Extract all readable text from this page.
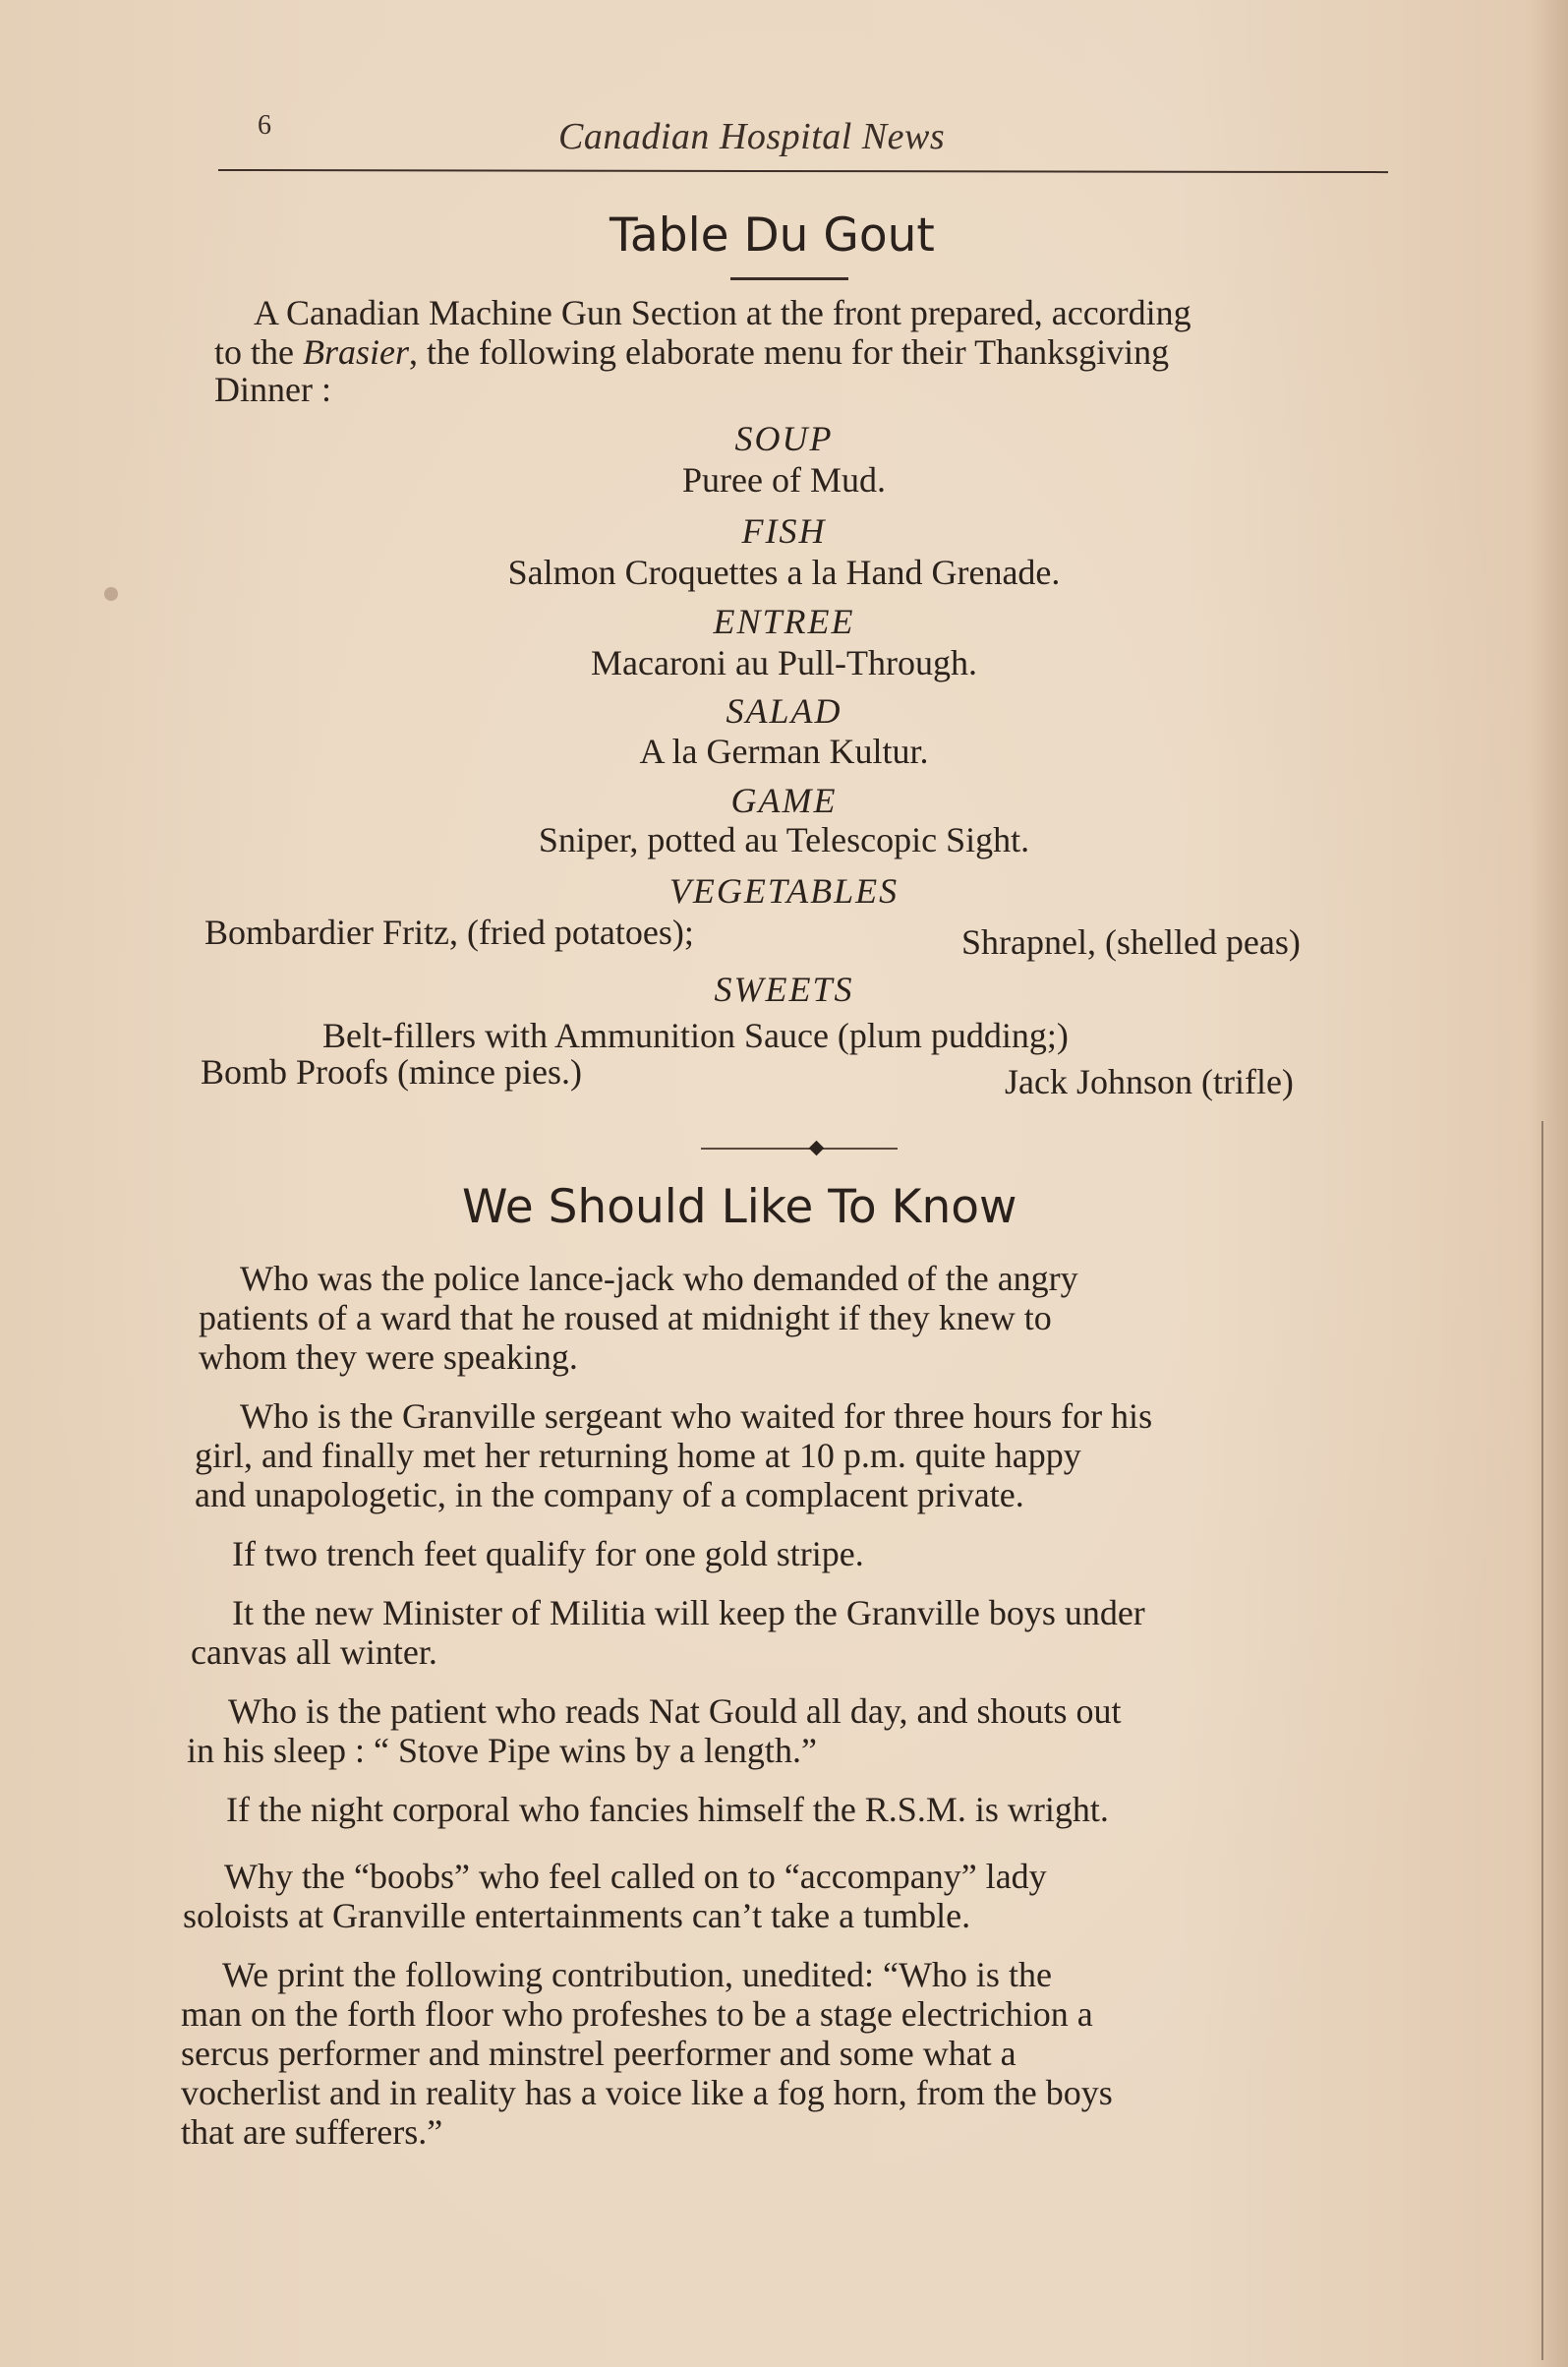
6	Canadian Hospital News
Table Du Gout
A Canadian Machine Gun Section at the front prepared, according
to the Brasier, the following elaborate menu for their Thanksgiving
Dinner :
SOUP
Puree of Mud.
FISH
Salmon Croquettes a la Hand Grenade.
ENTREE
Macaroni au Pull-Through.
SALAD
A la German Kultur.
GAME
Sniper, potted au Telescopic Sight.
VEGETABLES
Bombardier Fritz, (fried potatoes);	Shrapnel, (shelled peas)
SWEETS
Belt-fillers with Ammunition Sauce (plum pudding;)
Bomb Proofs (mince pies.)	Jack Johnson (trifle)
We Should Like To Know
Who was the police lance-jack who demanded of the angry
patients of a ward that he roused at midnight if they knew to
whom they were speaking.
Who is the Granville sergeant who waited for three hours for his
girl, and finally met her returning home at 10 p.m. quite happy
and unapologetic, in the company of a complacent private.
If two trench feet qualify for one gold stripe.
It the new Minister of Militia will keep the Granville boys under
canvas all winter.
Who is the patient who reads Nat Gould all day, and shouts out
in his sleep : “ Stove Pipe wins by a length.”
If the night corporal who fancies himself the R.S.M. is wright.
Why the “boobs” who feel called on to “accompany” lady
soloists at Granville entertainments can’t take a tumble.
We print the following contribution, unedited: “Who is the
man on the forth floor who profeshes to be a stage electrichion a
sercus performer and minstrel peerformer and some what a
vocherlist and in reality has a voice like a fog horn, from the boys
that are sufferers.”
